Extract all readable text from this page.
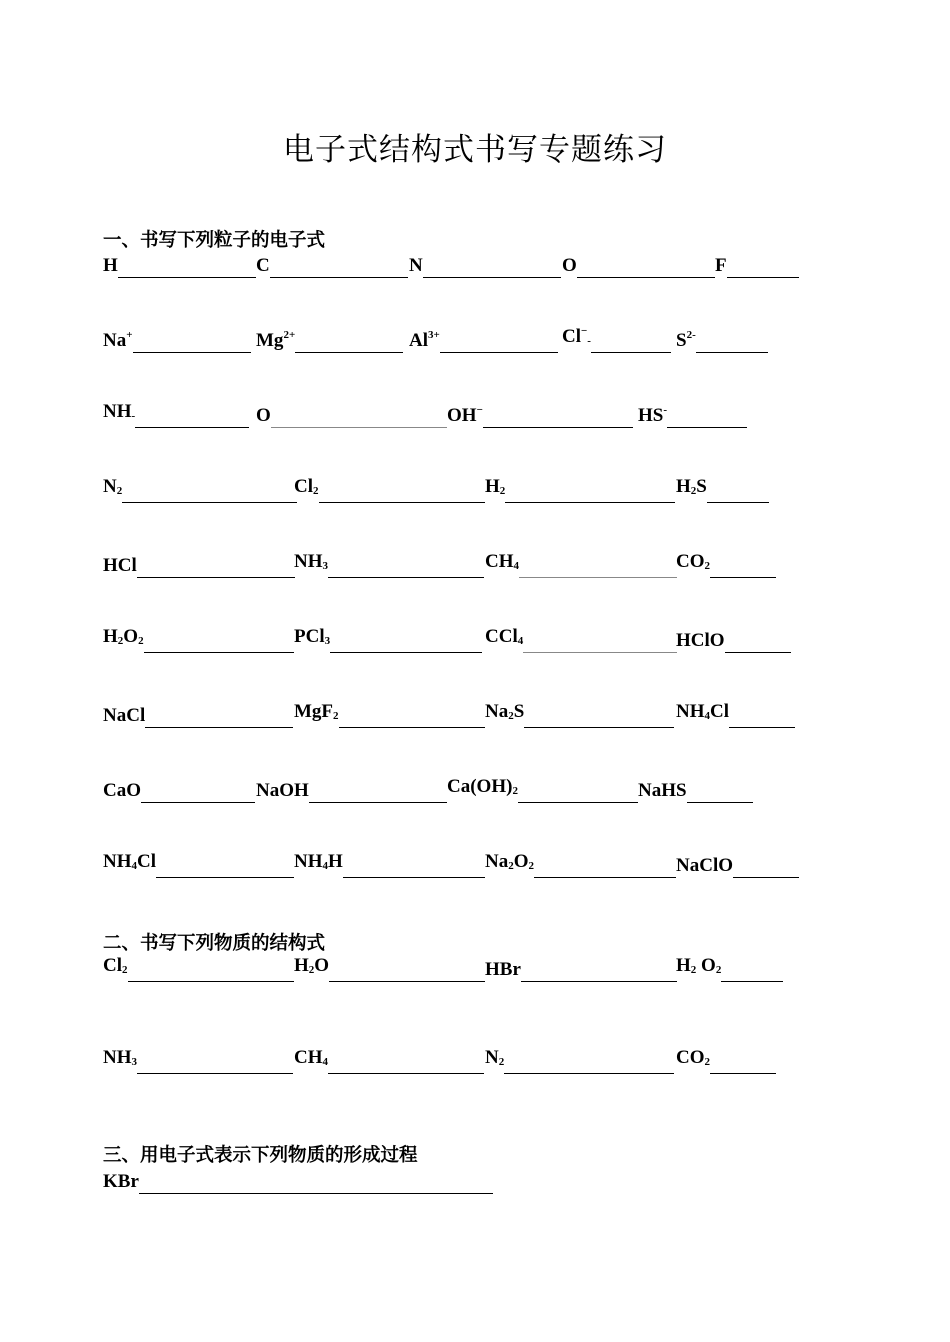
电子式结构式书写专题练习
一、书写下列粒子的电子式
二、书写下列物质的结构式
三、用电子式表示下列物质的形成过程
H	C	N	O	F
Na+	$Mg^{2+}$	$Al^{3+}$	$Cl^-_-$	$S^{2-}$
$NH_-$	O	OH−	HS-
$N_2$	$Cl_2$	$H_2$	$H_2S$
HCl	$NH_3$	$CH_4$	$CO_2$
$H_2O_2$	PCl$_3$	CCl$_4$	HClO
NaCl	MgF$_2$	$Na_2S$	$NH_4Cl$
CaO	NaOH	$Ca(OH)_2$	NaHS
$NH_4Cl$	$NH_4H$	$Na_2O_2$	NaClO
$Cl_2$	$H_2O$	HBr	$H_2$ $O_2$
$NH_3$	$CH_4$	$N_2$	$CO_2$
KBr
